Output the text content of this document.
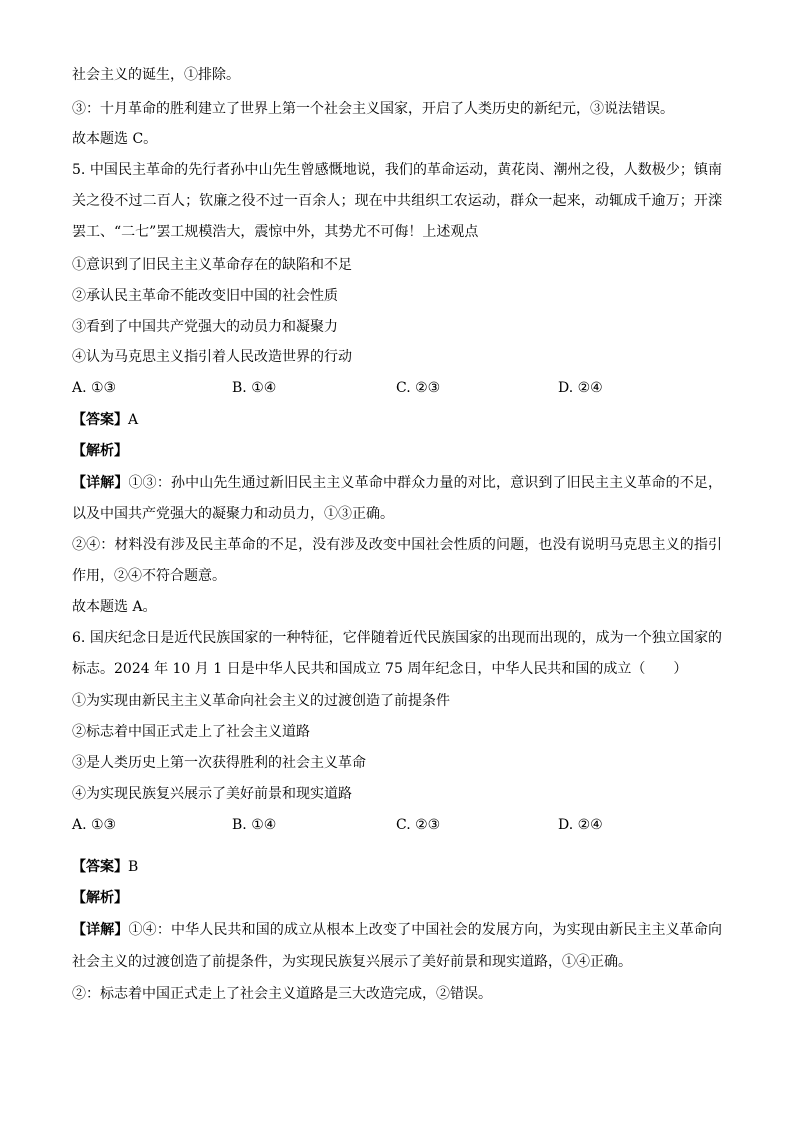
社会主义的诞生，①排除。
③：十月革命的胜利建立了世界上第一个社会主义国家，开启了人类历史的新纪元，③说法错误。
故本题选 C。
5. 中国民主革命的先行者孙中山先生曾感慨地说，我们的革命运动，黄花岗、潮州之役，人数极少；镇南
关之役不过二百人；钦廉之役不过一百余人；现在中共组织工农运动，群众一起来，动辄成千逾万；开滦
罢工、“二七”罢工规模浩大，震惊中外，其势尤不可侮！上述观点
①意识到了旧民主主义革命存在的缺陷和不足
②承认民主革命不能改变旧中国的社会性质
③看到了中国共产党强大的动员力和凝聚力
④认为马克思主义指引着人民改造世界的行动
A. ①③	B. ①④	C. ②③	D. ②④
【答案】A
【解析】
【详解】①③：孙中山先生通过新旧民主主义革命中群众力量的对比，意识到了旧民主主义革命的不足，
以及中国共产党强大的凝聚力和动员力，①③正确。
②④：材料没有涉及民主革命的不足，没有涉及改变中国社会性质的问题，也没有说明马克思主义的指引
作用，②④不符合题意。
故本题选 A。
6. 国庆纪念日是近代民族国家的一种特征，它伴随着近代民族国家的出现而出现的，成为一个独立国家的
标志。2024 年 10 月 1 日是中华人民共和国成立 75 周年纪念日，中华人民共和国的成立（　　）
①为实现由新民主主义革命向社会主义的过渡创造了前提条件
②标志着中国正式走上了社会主义道路
③是人类历史上第一次获得胜利的社会主义革命
④为实现民族复兴展示了美好前景和现实道路
A. ①③	B. ①④	C. ②③	D. ②④
【答案】B
【解析】
【详解】①④：中华人民共和国的成立从根本上改变了中国社会的发展方向，为实现由新民主主义革命向
社会主义的过渡创造了前提条件，为实现民族复兴展示了美好前景和现实道路，①④正确。
②：标志着中国正式走上了社会主义道路是三大改造完成，②错误。
